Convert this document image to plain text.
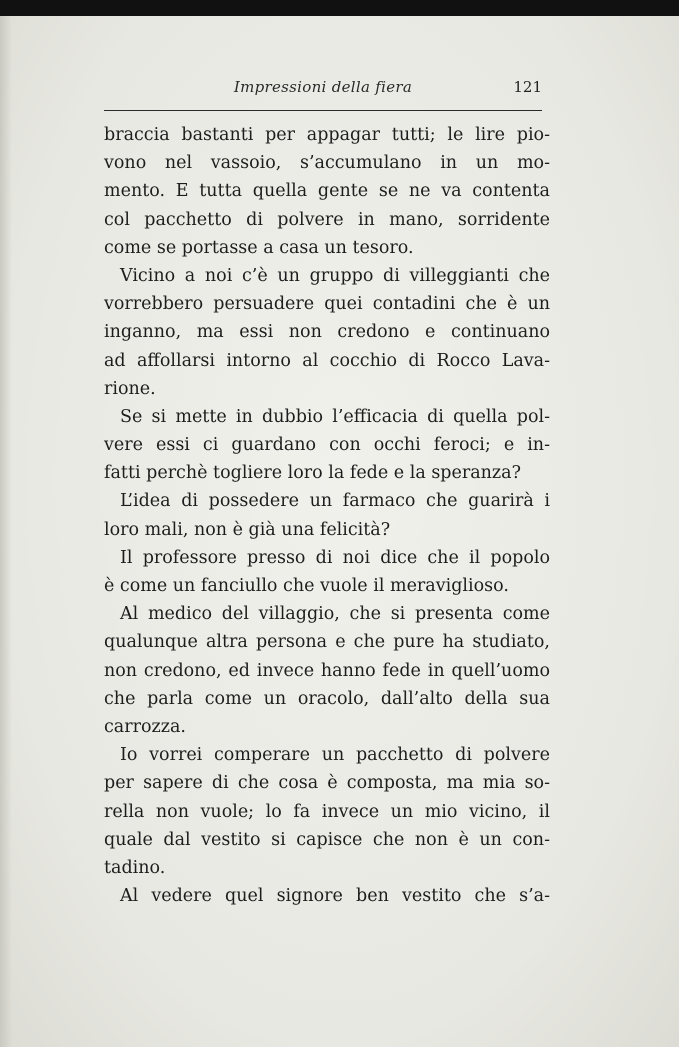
Impressioni della fiera	121
braccia bastanti per appagar tutti; le lire pio-
vono nel vassoio, s’accumulano in un mo-
mento. E tutta quella gente se ne va contenta
col pacchetto di polvere in mano, sorridente
come se portasse a casa un tesoro.
Vicino a noi c’è un gruppo di villeggianti che
vorrebbero persuadere quei contadini che è un
inganno, ma essi non credono e continuano
ad affollarsi intorno al cocchio di Rocco Lava-
rione.
Se si mette in dubbio l’efficacia di quella pol-
vere essi ci guardano con occhi feroci; e in-
fatti perchè togliere loro la fede e la speranza?
L’idea di possedere un farmaco che guarirà i
loro mali, non è già una felicità?
Il professore presso di noi dice che il popolo
è come un fanciullo che vuole il meraviglioso.
Al medico del villaggio, che si presenta come
qualunque altra persona e che pure ha studiato,
non credono, ed invece hanno fede in quell’uomo
che parla come un oracolo, dall’alto della sua
carrozza.
Io vorrei comperare un pacchetto di polvere
per sapere di che cosa è composta, ma mia so-
rella non vuole; lo fa invece un mio vicino, il
quale dal vestito si capisce che non è un con-
tadino.
Al vedere quel signore ben vestito che s’a-
